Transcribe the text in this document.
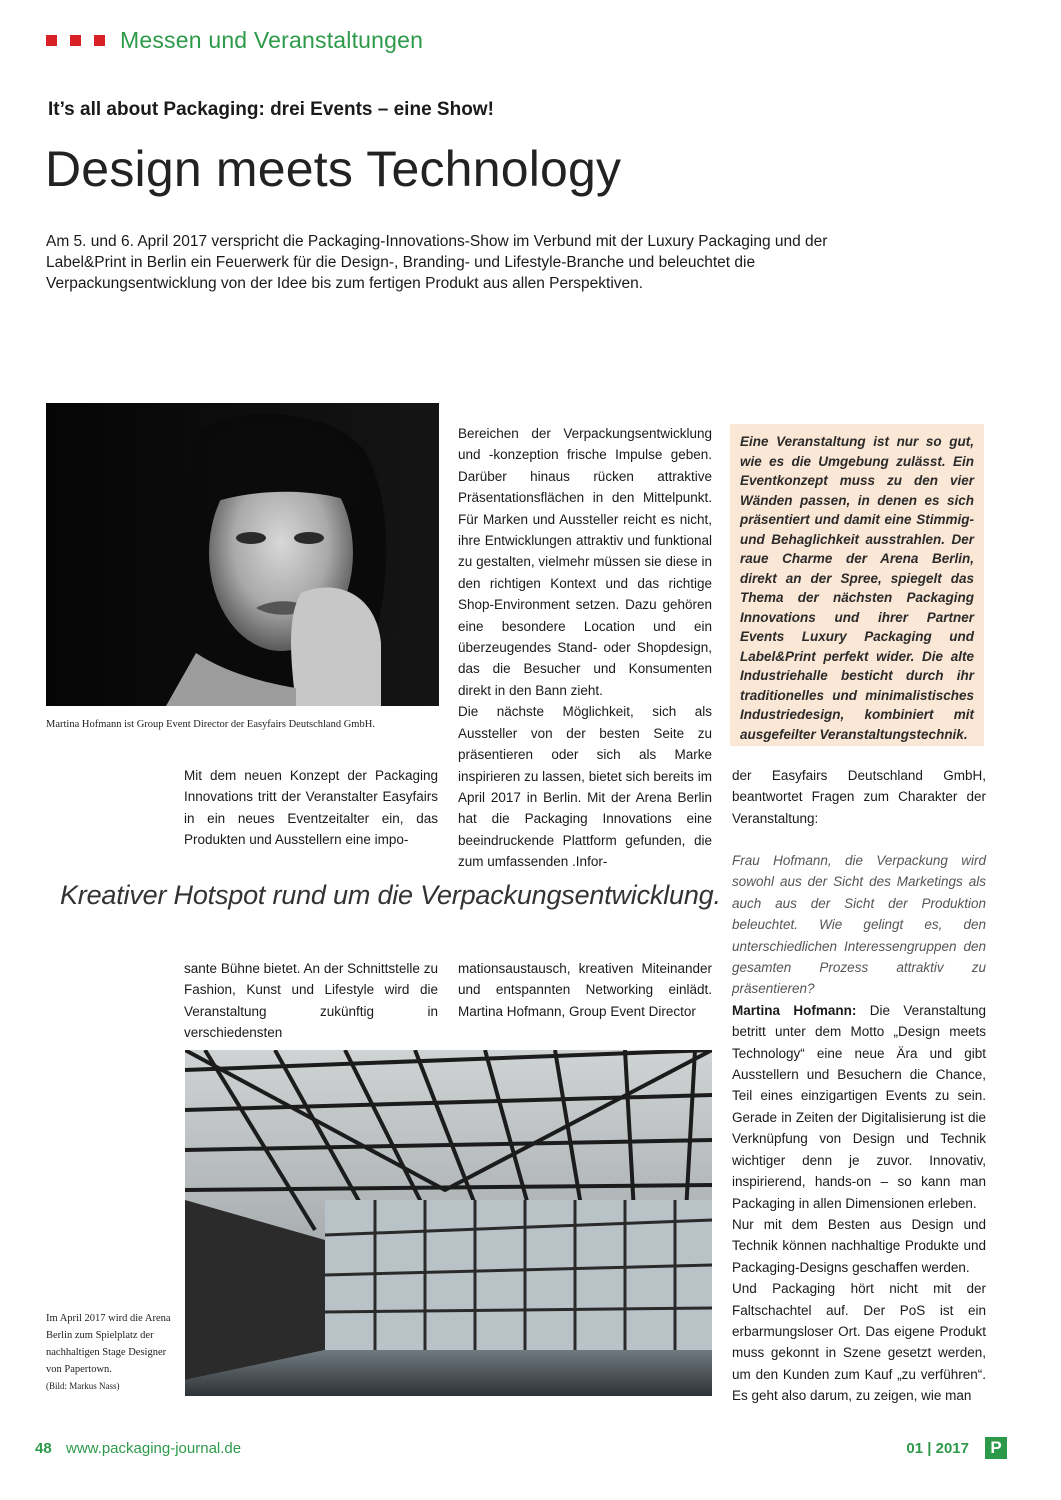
Messen und Veranstaltungen
It’s all about Packaging: drei Events – eine Show!
Design meets Technology

Am 5. und 6. April 2017 verspricht die Packaging-Innovations-Show im Verbund mit der Luxury Packaging und der Label&Print in Berlin ein Feuerwerk für die Design-, Branding- und Lifestyle-Branche und beleuchtet die Verpackungsentwicklung von der Idee bis zum fertigen Produkt aus allen Perspektiven.

Martina Hofmann ist Group Event Director der Easyfairs Deutschland GmbH.

Mit dem neuen Konzept der Packaging Innovations tritt der Veranstalter Easyfairs in ein neues Eventzeitalter ein, das Produkten und Ausstellern eine impo-

sante Bühne bietet. An der Schnittstelle zu Fashion, Kunst und Lifestyle wird die Veranstaltung zukünftig in verschiedensten

Bereichen der Verpackungsentwicklung und -konzeption frische Impulse geben. Darüber hinaus rücken attraktive Präsentationsflächen in den Mittelpunkt. Für Marken und Aussteller reicht es nicht, ihre Entwicklungen attraktiv und funktional zu gestalten, vielmehr müssen sie diese in den richtigen Kontext und das richtige Shop-Environment setzen. Dazu gehören eine besondere Location und ein überzeugendes Stand- oder Shopdesign, das die Besucher und Konsumenten direkt in den Bann zieht.

Die nächste Möglichkeit, sich als Aussteller von der besten Seite zu präsentieren oder sich als Marke inspirieren zu lassen, bietet sich bereits im April 2017 in Berlin. Mit der Arena Berlin hat die Packaging Innovations eine beeindruckende Plattform gefunden, die zum umfassenden .Infor-

mationsaustausch, kreativen Miteinander und entspannten Networking einlädt. Martina Hofmann, Group Event Director

Eine Veranstaltung ist nur so gut, wie es die Umgebung zulässt. Ein Eventkonzept muss zu den vier Wänden passen, in denen es sich präsentiert und damit eine Stimmig- und Behaglichkeit ausstrahlen. Der raue Charme der Arena Berlin, direkt an der Spree, spiegelt das Thema der nächsten Packaging Innovations und ihrer Partner Events Luxury Packaging und Label&Print perfekt wider. Die alte Industriehalle besticht durch ihr traditionelles und minimalistisches Industriedesign, kombiniert mit ausgefeilter Veranstaltungstechnik.

der Easyfairs Deutschland GmbH, beantwortet Fragen zum Charakter der Veranstaltung:

Frau Hofmann, die Verpackung wird sowohl aus der Sicht des Marketings als auch aus der Sicht der Produktion beleuchtet. Wie gelingt es, den unterschiedlichen Interessengruppen den gesamten Prozess attraktiv zu präsentieren?

Martina Hofmann: Die Veranstaltung betritt unter dem Motto „Design meets Technology“ eine neue Ära und gibt Ausstellern und Besuchern die Chance, Teil eines einzigartigen Events zu sein. Gerade in Zeiten der Digitalisierung ist die Verknüpfung von Design und Technik wichtiger denn je zuvor. Innovativ, inspirierend, hands-on – so kann man Packaging in allen Dimensionen erleben.

Nur mit dem Besten aus Design und Technik können nachhaltige Produkte und Packaging-Designs geschaffen werden.

Und Packaging hört nicht mit der Faltschachtel auf. Der PoS ist ein erbarmungsloser Ort. Das eigene Produkt muss gekonnt in Szene gesetzt werden, um den Kunden zum Kauf „zu verführen“. Es geht also darum, zu zeigen, wie man

Kreativer Hotspot rund um die Verpackungsentwicklung.
Im April 2017 wird die Arena Berlin zum Spielplatz der nachhaltigen Stage Designer von Papertown.
(Bild: Markus Nass)
48 www.packaging-journal.de	01 | 2017	P
